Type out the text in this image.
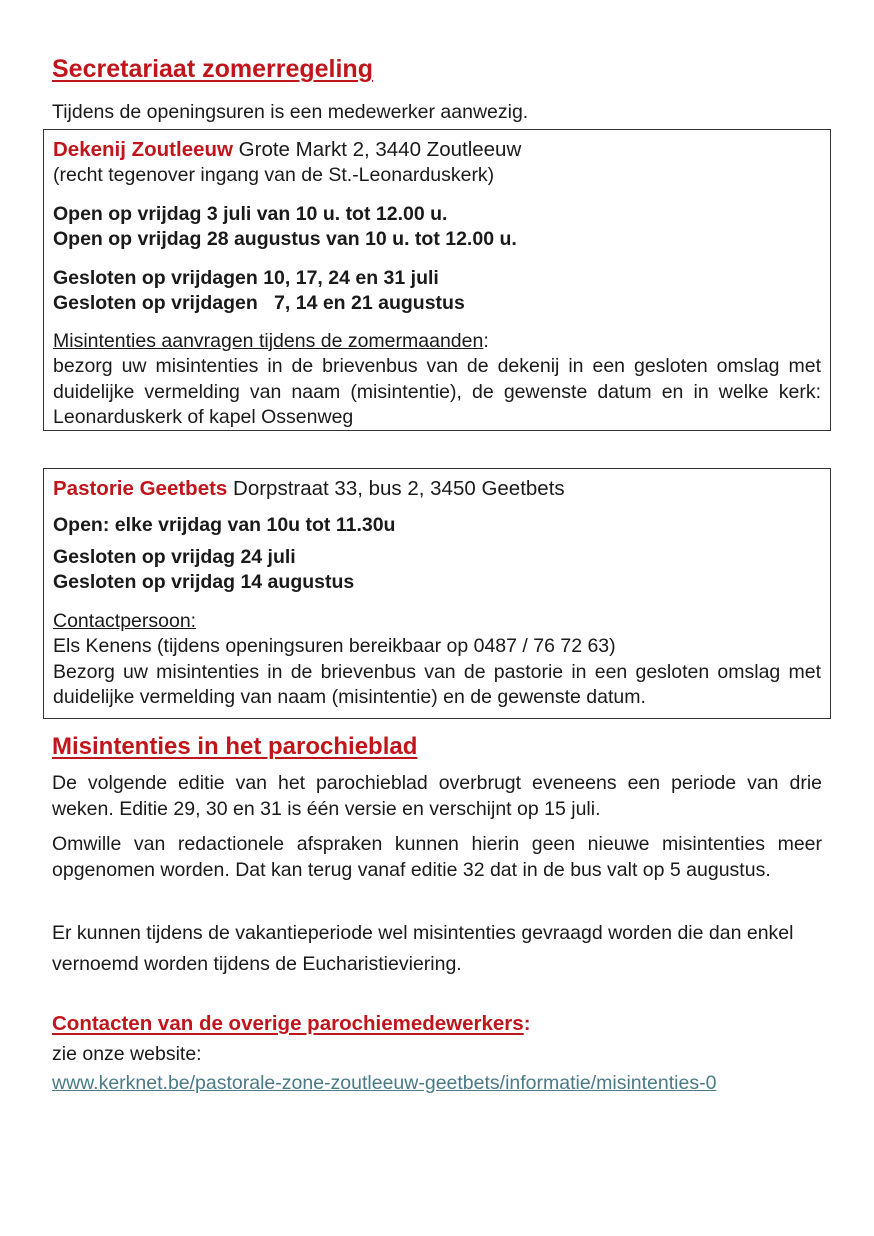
Secretariaat zomerregeling

Tijdens de openingsuren is een medewerker aanwezig.

Dekenij Zoutleeuw Grote Markt 2, 3440 Zoutleeuw

(recht tegenover ingang van de St.-Leonarduskerk)

Open op vrijdag 3 juli van 10 u. tot 12.00 u.

Open op vrijdag 28 augustus van 10 u. tot 12.00 u.

Gesloten op vrijdagen 10, 17, 24 en 31 juli

Gesloten op vrijdagen   7, 14 en 21 augustus

Misintenties aanvragen tijdens de zomermaanden:

bezorg uw misintenties in de brievenbus van de dekenij in een gesloten omslag met duidelijke vermelding van naam (misintentie), de gewenste datum en in welke kerk: Leonarduskerk of kapel Ossenweg

Pastorie Geetbets Dorpstraat 33, bus 2, 3450 Geetbets

Open: elke vrijdag van 10u tot 11.30u

Gesloten op vrijdag 24 juli

Gesloten op vrijdag 14 augustus

Contactpersoon:

Els Kenens (tijdens openingsuren bereikbaar op 0487 / 76 72 63)

Bezorg uw misintenties in de brievenbus van de pastorie in een gesloten omslag met duidelijke vermelding van naam (misintentie) en de gewenste datum.

Misintenties in het parochieblad

De volgende editie van het parochieblad overbrugt eveneens een periode van drie weken. Editie 29, 30 en 31 is één versie en verschijnt op 15 juli.

Omwille van redactionele afspraken kunnen hierin geen nieuwe misintenties meer opgenomen worden. Dat kan terug vanaf editie 32 dat in de bus valt op 5 augustus.

Er kunnen tijdens de vakantieperiode wel misintenties gevraagd worden die dan enkel vernoemd worden tijdens de Eucharistieviering.

Contacten van de overige parochiemedewerkers:

zie onze website:

www.kerknet.be/pastorale-zone-zoutleeuw-geetbets/informatie/misintenties-0
